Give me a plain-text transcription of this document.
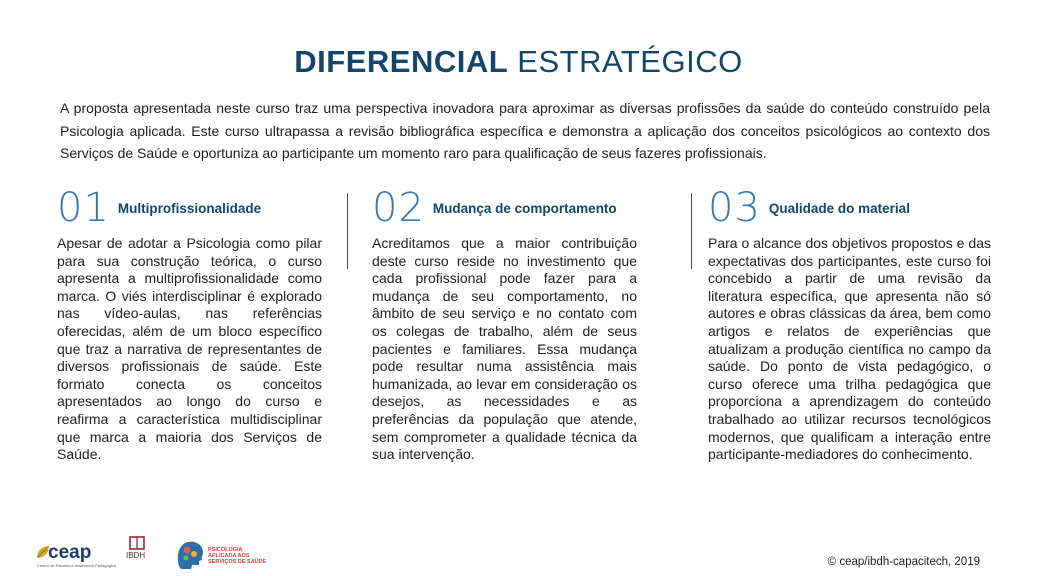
DIFERENCIAL ESTRATÉGICO

A proposta apresentada neste curso traz uma perspectiva inovadora para aproximar as diversas profissões da saúde do conteúdo construído pela Psicologia aplicada. Este curso ultrapassa a revisão bibliográfica específica e demonstra a aplicação dos conceitos psicológicos ao contexto dos Serviços de Saúde e oportuniza ao participante um momento raro para qualificação de seus fazeres profissionais.

01 Multiprofissionalidade
Apesar de adotar a Psicologia como pilar para sua construção teórica, o curso apresenta a multiprofissionalidade como marca. O viés interdisciplinar é explorado nas vídeo-aulas, nas referências oferecidas, além de um bloco específico que traz a narrativa de representantes de diversos profissionais de saúde. Este formato conecta os conceitos apresentados ao longo do curso e reafirma a característica multidisciplinar que marca a maioria dos Serviços de Saúde.
02 Mudança de comportamento
Acreditamos que a maior contribuição deste curso reside no investimento que cada profissional pode fazer para a mudança de seu comportamento, no âmbito de seu serviço e no contato com os colegas de trabalho, além de seus pacientes e familiares. Essa mudança pode resultar numa assistência mais humanizada, ao levar em consideração os desejos, as necessidades e as preferências da população que atende, sem comprometer a qualidade técnica da sua intervenção.
03 Qualidade do material
Para o alcance dos objetivos propostos e das expectativas dos participantes, este curso foi concebido a partir de uma revisão da literatura específica, que apresenta não só autores e obras clássicas da área, bem como artigos e relatos de experiências que atualizam a produção científica no campo da saúde. Do ponto de vista pedagógico, o curso oferece uma trilha pedagógica que proporciona a aprendizagem do conteúdo trabalhado ao utilizar recursos tecnológicos modernos, que qualificam a interação entre participante-mediadores do conhecimento.
ceap
Centro de Estudos e Assessoria Pedagógica
IBDH
PSICOLOGIA APLICADA AOS SERVIÇOS DE SAÚDE	© ceap/ibdh-capacitech, 2019
